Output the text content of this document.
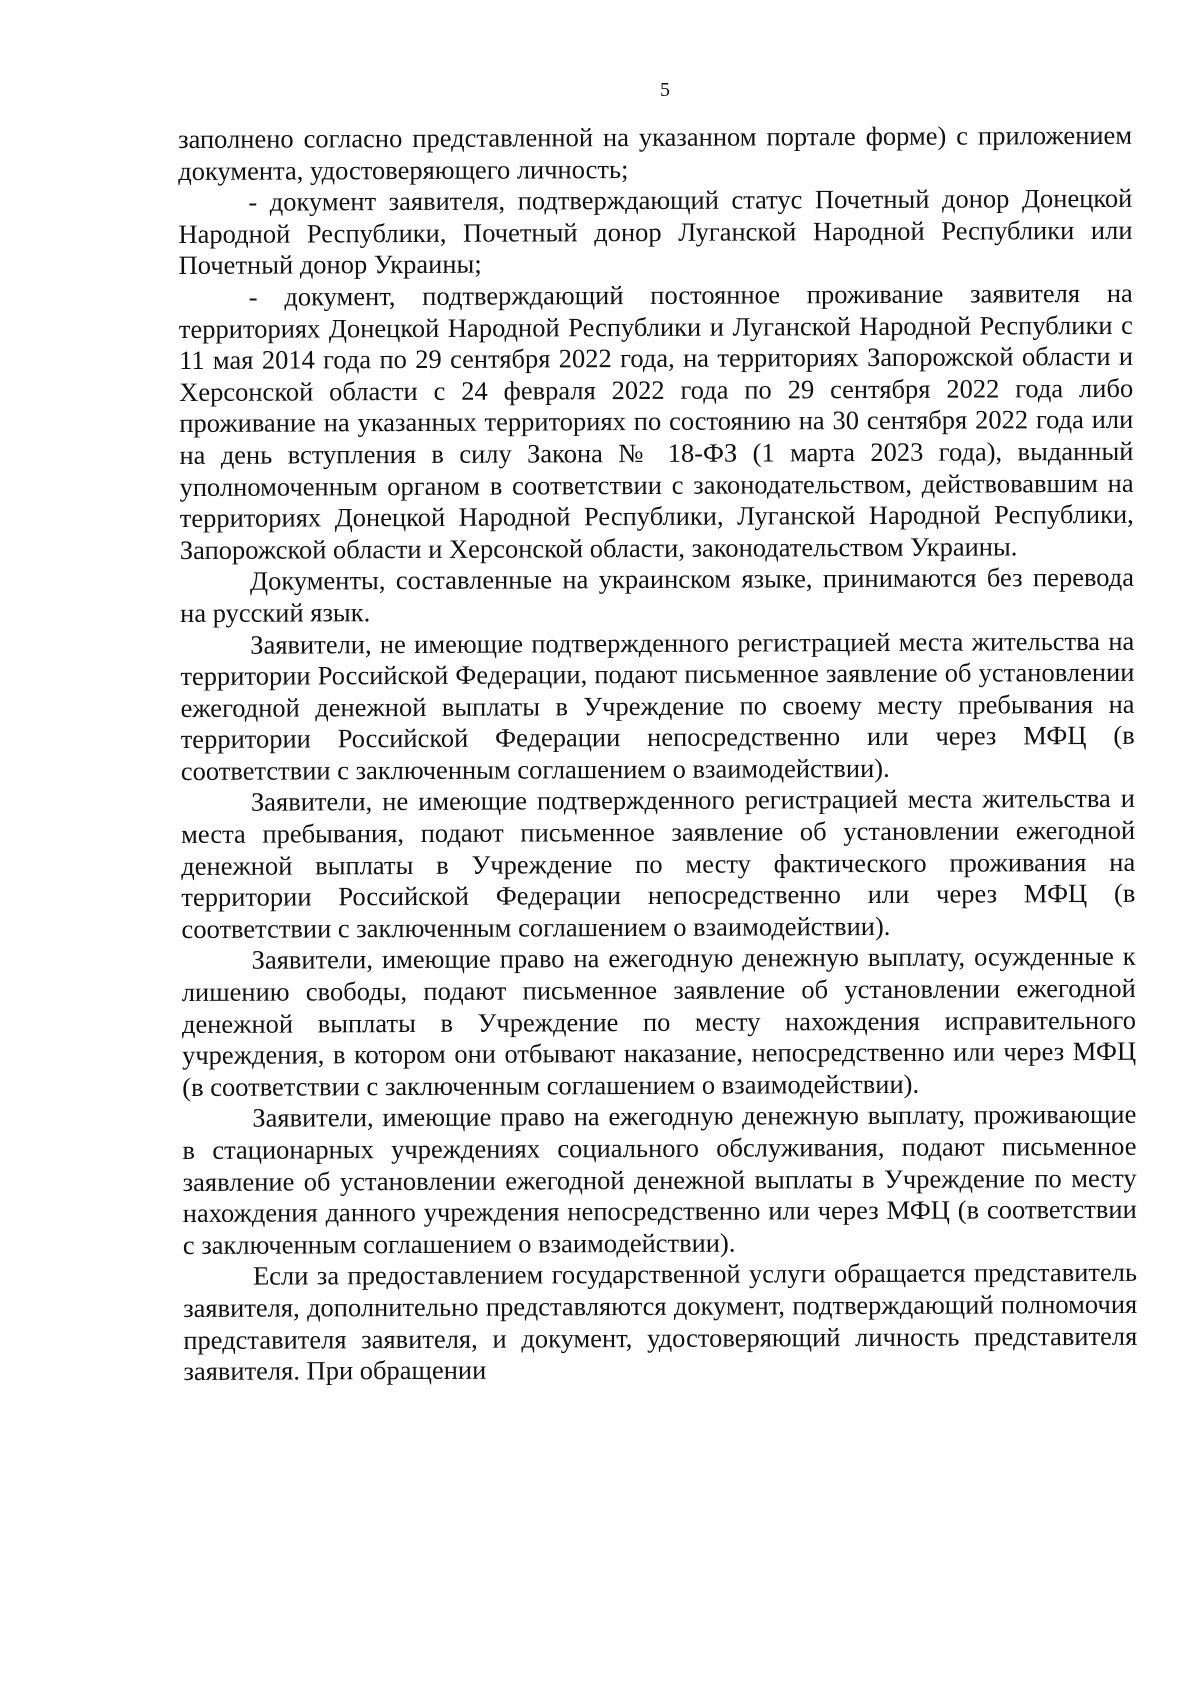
5

заполнено согласно представленной на указанном портале форме) с приложением документа, удостоверяющего личность;

- документ заявителя, подтверждающий статус Почетный донор Донецкой Народной Республики, Почетный донор Луганской Народной Республики или Почетный донор Украины;

- документ, подтверждающий постоянное проживание заявителя на территориях Донецкой Народной Республики и Луганской Народной Республики с 11 мая 2014 года по 29 сентября 2022 года, на территориях Запорожской области и Херсонской области с 24 февраля 2022 года по 29 сентября 2022 года либо проживание на указанных территориях по состоянию на 30 сентября 2022 года или на день вступления в силу Закона № 18-ФЗ (1 марта 2023 года), выданный уполномоченным органом в соответствии с законодательством, действовавшим на территориях Донецкой Народной Республики, Луганской Народной Республики, Запорожской области и Херсонской области, законодательством Украины.

Документы, составленные на украинском языке, принимаются без перевода на русский язык.

Заявители, не имеющие подтвержденного регистрацией места жительства на территории Российской Федерации, подают письменное заявление об установлении ежегодной денежной выплаты в Учреждение по своему месту пребывания на территории Российской Федерации непосредственно или через МФЦ (в соответствии с заключенным соглашением о взаимодействии).

Заявители, не имеющие подтвержденного регистрацией места жительства и места пребывания, подают письменное заявление об установлении ежегодной денежной выплаты в Учреждение по месту фактического проживания на территории Российской Федерации непосредственно или через МФЦ (в соответствии с заключенным соглашением о взаимодействии).

Заявители, имеющие право на ежегодную денежную выплату, осужденные к лишению свободы, подают письменное заявление об установлении ежегодной денежной выплаты в Учреждение по месту нахождения исправительного учреждения, в котором они отбывают наказание, непосредственно или через МФЦ (в соответствии с заключенным соглашением о взаимодействии).

Заявители, имеющие право на ежегодную денежную выплату, проживающие в стационарных учреждениях социального обслуживания, подают письменное заявление об установлении ежегодной денежной выплаты в Учреждение по месту нахождения данного учреждения непосредственно или через МФЦ (в соответствии с заключенным соглашением о взаимодействии).

Если за предоставлением государственной услуги обращается представитель заявителя, дополнительно представляются документ, подтверждающий полномочия представителя заявителя, и документ, удостоверяющий личность представителя заявителя. При обращении
